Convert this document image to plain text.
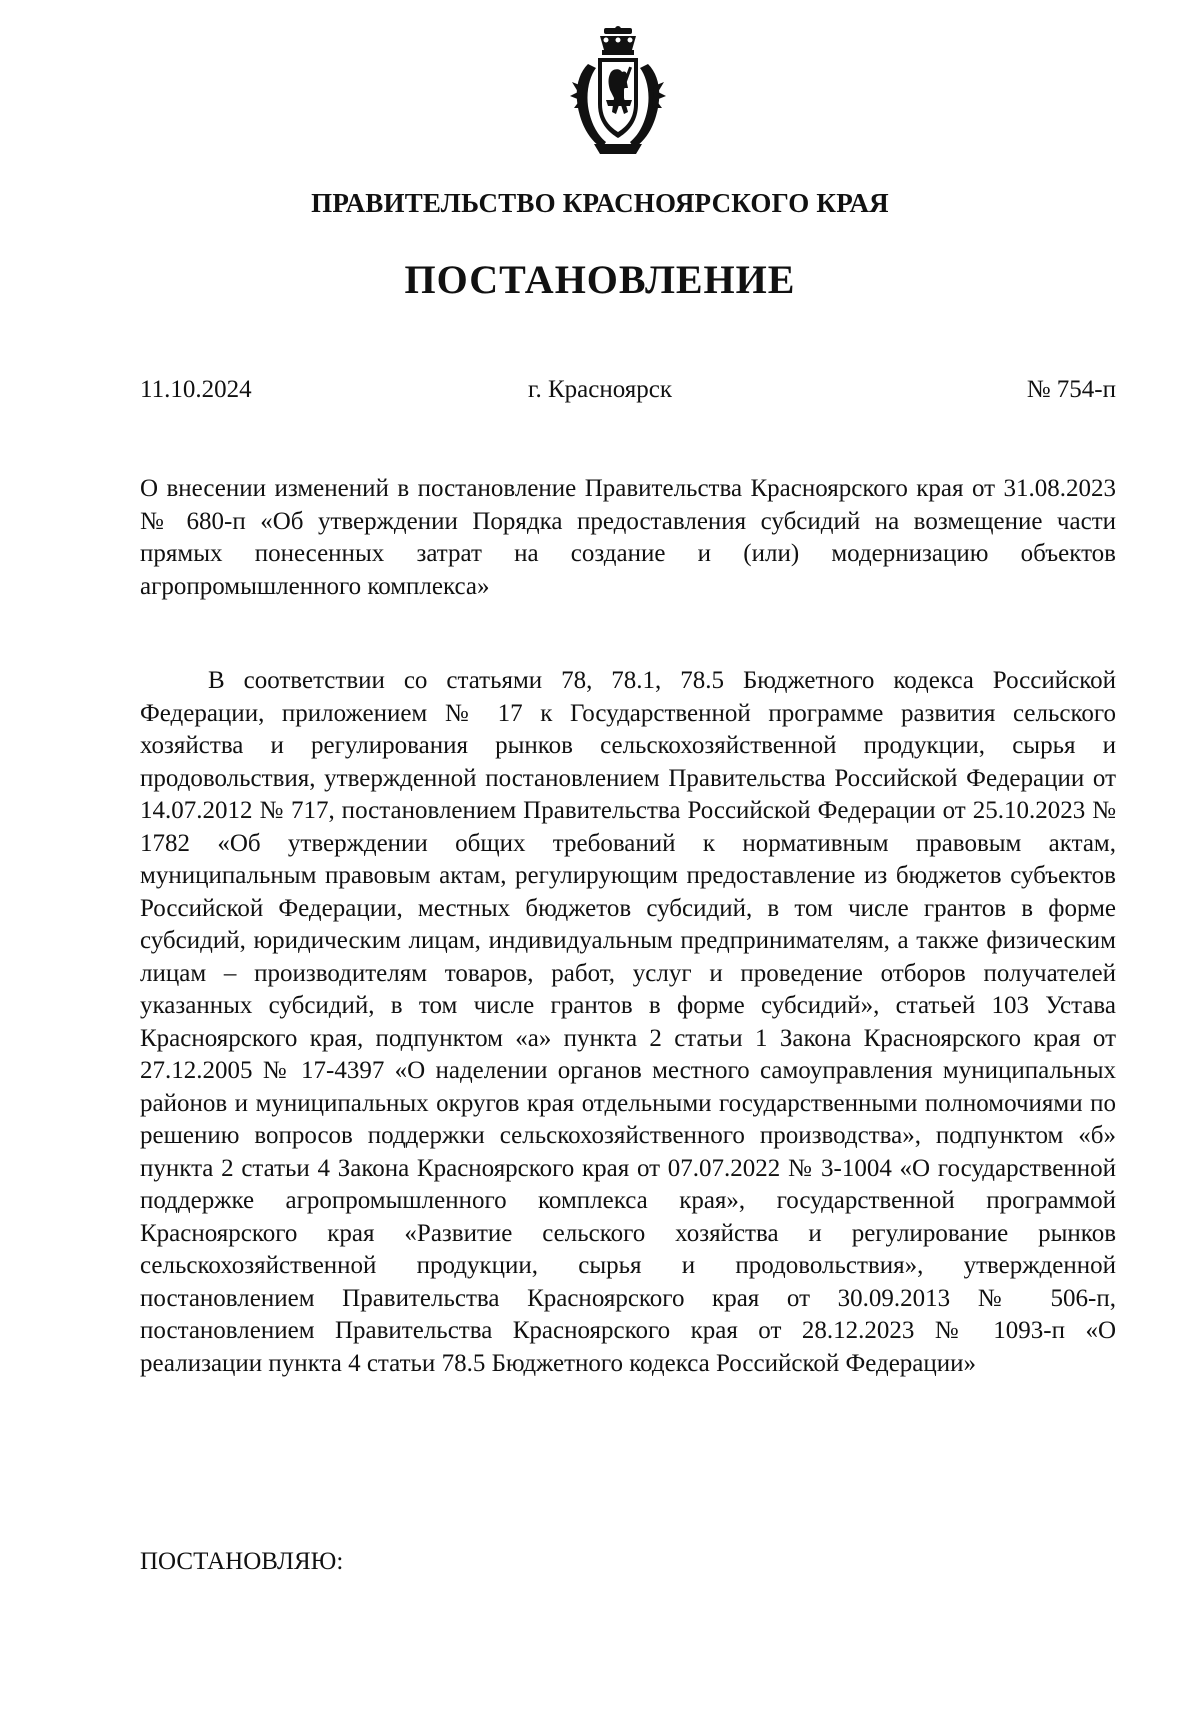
ПРАВИТЕЛЬСТВО КРАСНОЯРСКОГО КРАЯ
ПОСТАНОВЛЕНИЕ
11.10.2024	г. Красноярск	№ 754-п
О внесении изменений в постановление Правительства Красноярского края от 31.08.2023 № 680-п «Об утверждении Порядка предоставления субсидий на возмещение части прямых понесенных затрат на создание и (или) модернизацию объектов агропромышленного комплекса»
В соответствии со статьями 78, 78.1, 78.5 Бюджетного кодекса Российской Федерации, приложением № 17 к Государственной программе развития сельского хозяйства и регулирования рынков сельскохозяйственной продукции, сырья и продовольствия, утвержденной постановлением Правительства Российской Федерации от 14.07.2012 № 717, постановлением Правительства Российской Федерации от 25.10.2023 № 1782 «Об утверждении общих требований к нормативным правовым актам, муниципальным правовым актам, регулирующим предоставление из бюджетов субъектов Российской Федерации, местных бюджетов субсидий, в том числе грантов в форме субсидий, юридическим лицам, индивидуальным предпринимателям, а также физическим лицам – производителям товаров, работ, услуг и проведение отборов получателей указанных субсидий, в том числе грантов в форме субсидий», статьей 103 Устава Красноярского края, подпунктом «а» пункта 2 статьи 1 Закона Красноярского края от 27.12.2005 № 17-4397 «О наделении органов местного самоуправления муниципальных районов и муниципальных округов края отдельными государственными полномочиями по решению вопросов поддержки сельскохозяйственного производства», подпунктом «б» пункта 2 статьи 4 Закона Красноярского края от 07.07.2022 № 3-1004 «О государственной поддержке агропромышленного комплекса края», государственной программой Красноярского края «Развитие сельского хозяйства и регулирование рынков сельскохозяйственной продукции, сырья и продовольствия», утвержденной постановлением Правительства Красноярского края от 30.09.2013 № 506-п, постановлением Правительства Красноярского края от 28.12.2023 № 1093-п «О реализации пункта 4 статьи 78.5 Бюджетного кодекса Российской Федерации»
ПОСТАНОВЛЯЮ:
